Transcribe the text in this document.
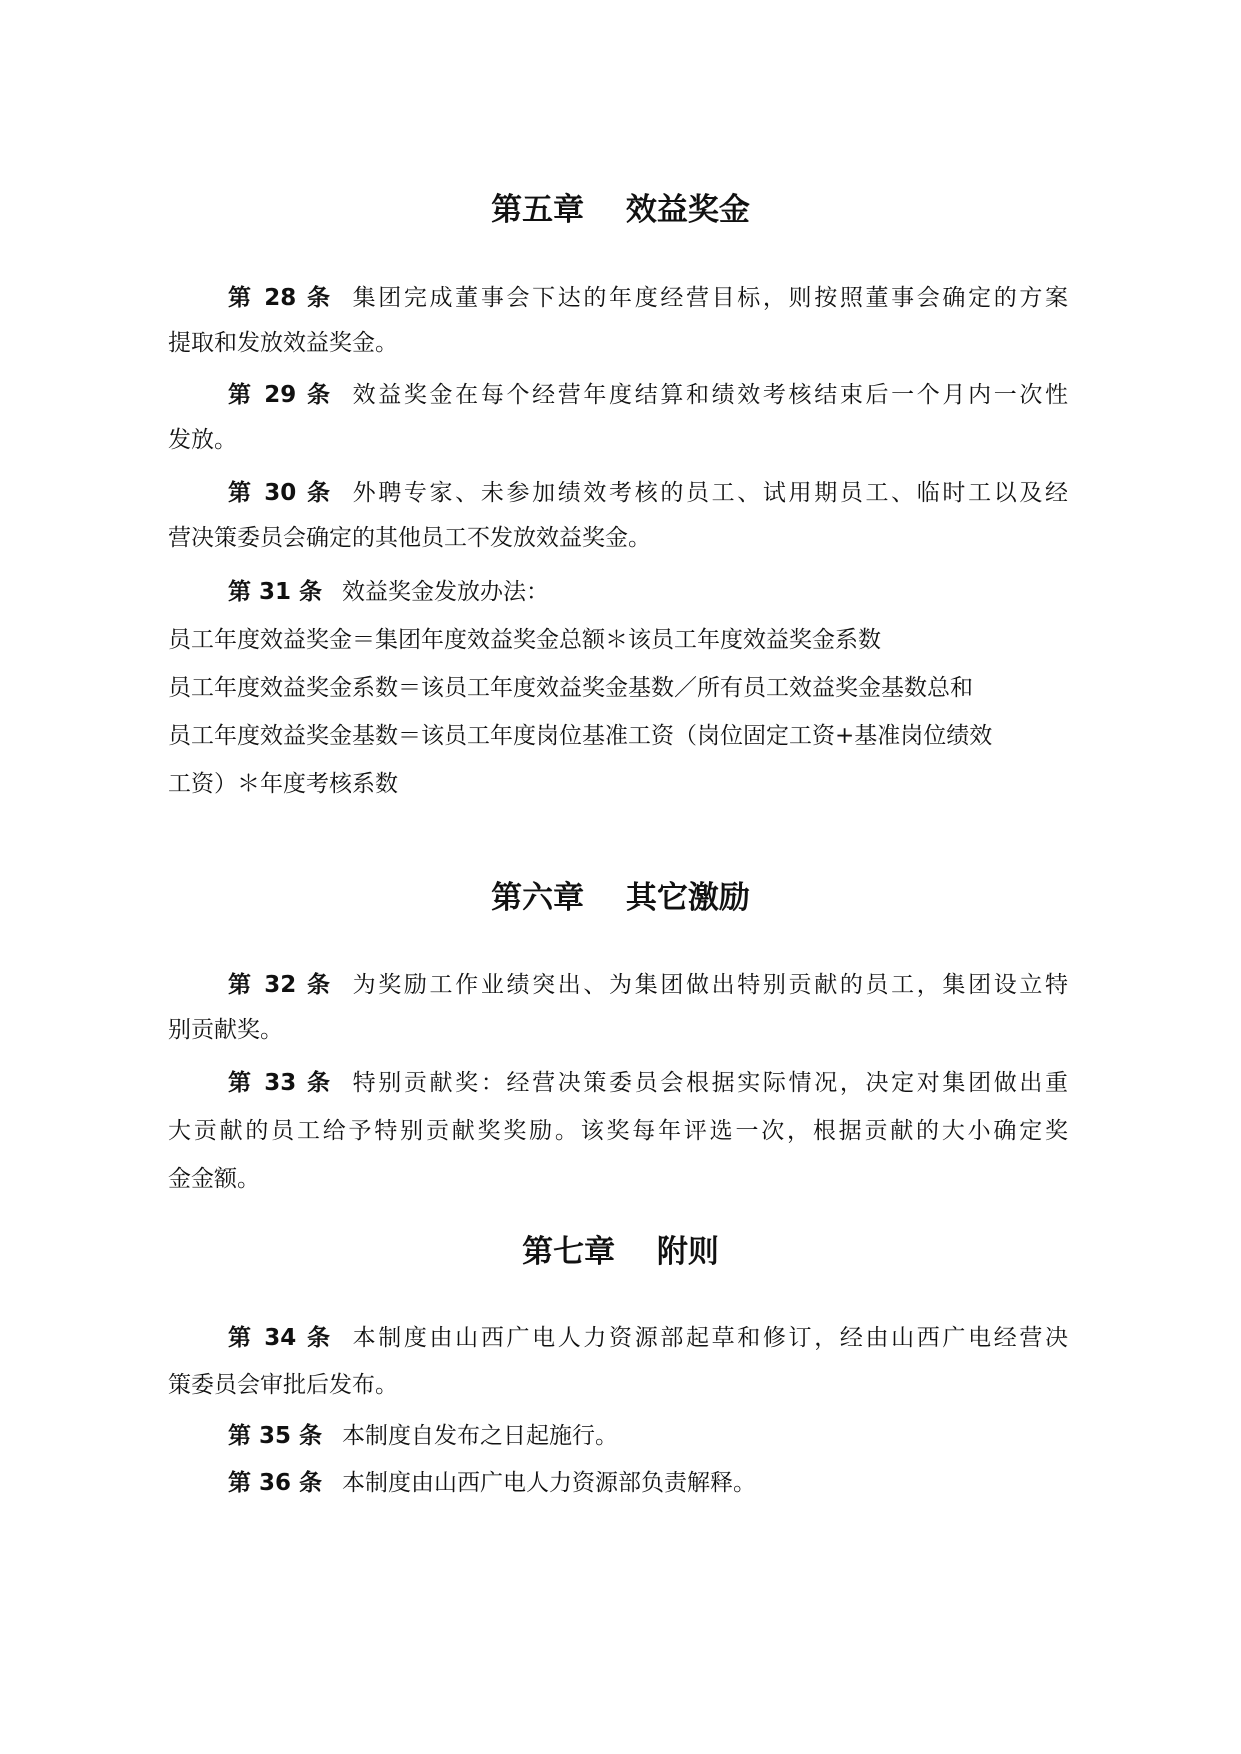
第五章　 效益奖金
第 28 条 集团完成董事会下达的年度经营目标，则按照董事会确定的方案
提取和发放效益奖金。
第 29 条 效益奖金在每个经营年度结算和绩效考核结束后一个月内一次性
发放。
第 30 条 外聘专家、未参加绩效考核的员工、试用期员工、临时工以及经
营决策委员会确定的其他员工不发放效益奖金。
第 31 条 效益奖金发放办法：
员工年度效益奖金＝集团年度效益奖金总额＊该员工年度效益奖金系数
员工年度效益奖金系数＝该员工年度效益奖金基数／所有员工效益奖金基数总和
员工年度效益奖金基数＝该员工年度岗位基准工资（岗位固定工资+基准岗位绩效
工资）＊年度考核系数
第六章　 其它激励
第 32 条 为奖励工作业绩突出、为集团做出特别贡献的员工，集团设立特
别贡献奖。
第 33 条 特别贡献奖：经营决策委员会根据实际情况，决定对集团做出重
大贡献的员工给予特别贡献奖奖励。该奖每年评选一次，根据贡献的大小确定奖
金金额。
第七章　 附则
第 34 条 本制度由山西广电人力资源部起草和修订，经由山西广电经营决
策委员会审批后发布。
第 35 条 本制度自发布之日起施行。
第 36 条 本制度由山西广电人力资源部负责解释。
